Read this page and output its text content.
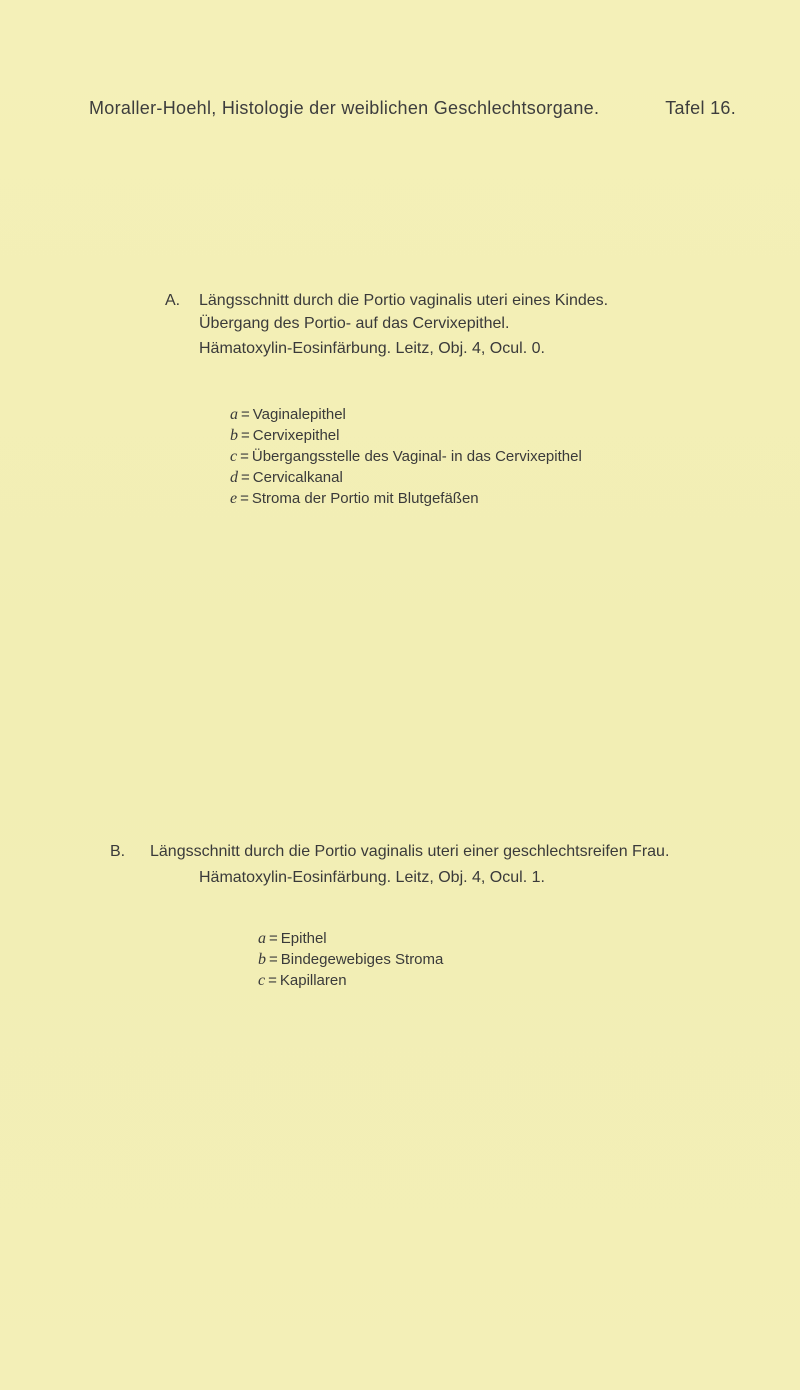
Moraller-Hoehl, Histologie der weiblichen Geschlechtsorgane.	Tafel 16.
A. Längsschnitt durch die Portio vaginalis uteri eines Kindes.
Übergang des Portio- auf das Cervixepithel.
Hämatoxylin-Eosinfärbung. Leitz, Obj. 4, Ocul. 0.
a = Vaginalepithel
b = Cervixepithel
c = Übergangsstelle des Vaginal- in das Cervixepithel
d = Cervicalkanal
e = Stroma der Portio mit Blutgefäßen
B. Längsschnitt durch die Portio vaginalis uteri einer geschlechtsreifen Frau.
Hämatoxylin-Eosinfärbung. Leitz, Obj. 4, Ocul. 1.
a = Epithel
b = Bindegewebiges Stroma
c = Kapillaren
